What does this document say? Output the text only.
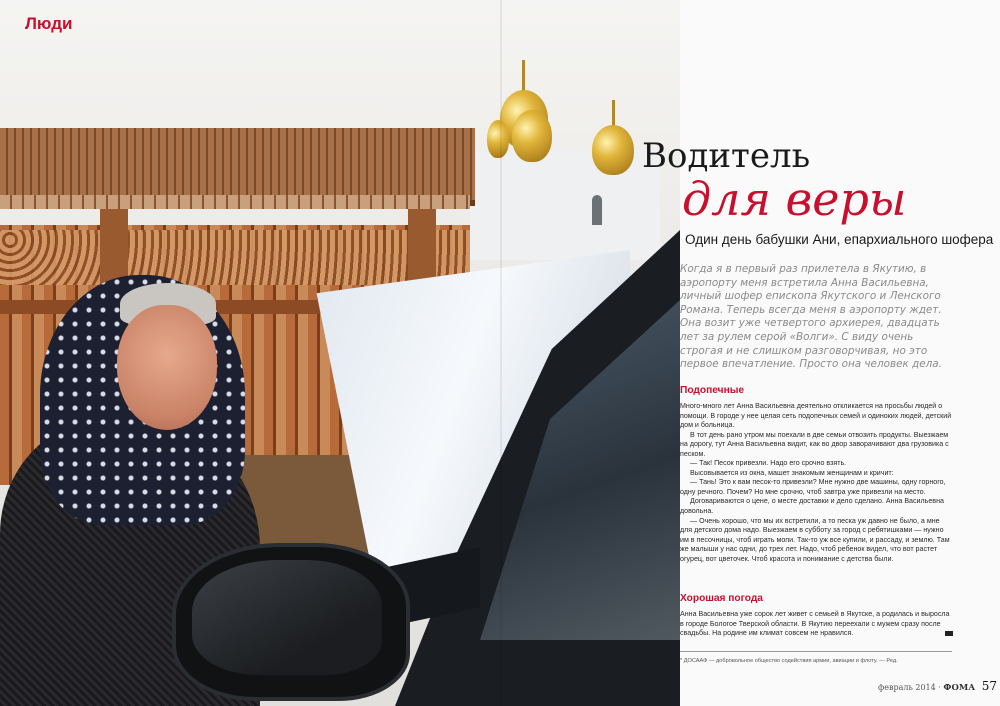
Люди
Водитель
для веры
Один день бабушки Ани, епархиального шофера
Когда я в первый раз прилетела в Якутию, в аэропорту меня встретила Анна Васильевна, личный шофер епископа Якутского и Ленского Романа. Теперь всегда меня в аэропорту ждет. Она возит уже четвертого архиерея, двадцать лет за рулем серой «Волги». С виду очень строгая и не слишком разговорчивая, но это первое впечатление. Просто она человек дела.
Подопечные

Много-много лет Анна Васильевна деятельно откликается на просьбы людей о помощи. В городе у нее целая сеть подопечных семей и одиноких людей, детский дом и больница.

В тот день рано утром мы поехали в две семьи отвозить продукты. Выезжаем на дорогу, тут Анна Васильевна видит, как во двор заворачивают два грузовика с песком.

— Так! Песок привезли. Надо его срочно взять.

Высовывается из окна, машет знакомым женщинам и кричит:

— Тань! Это к вам песок-то привезли? Мне нужно две машины, одну горного, одну речного. Почем? Но мне срочно, чтоб завтра уже привезли на место.

Договариваются о цене, о месте доставки и дело сделано. Анна Васильевна довольна.

— Очень хорошо, что мы их встретили, а то песка уж давно не было, а мне для детского дома надо. Выезжаем в субботу за город с ребятишками — нужно им в песочницы, чтоб играть мопи. Так-то уж все купили, и рассаду, и землю. Там же малыши у нас одни, до трех лет. Надо, чтоб ребенок видел, что вот растет огурец, вот цветочек. Чтоб красота и понимание с детства были.

Хорошая погода

Анна Васильевна уже сорок лет живет с семьей в Якутске, а родилась и выросла в городе Бологое Тверской области. В Якутию переехали с мужем сразу после свадьбы. На родине им климат совсем не нравился.

* ДОСААФ — добровольное общество содействия армии, авиации и флоту. — Ред.
февраль 2014 · ФОМА 57
